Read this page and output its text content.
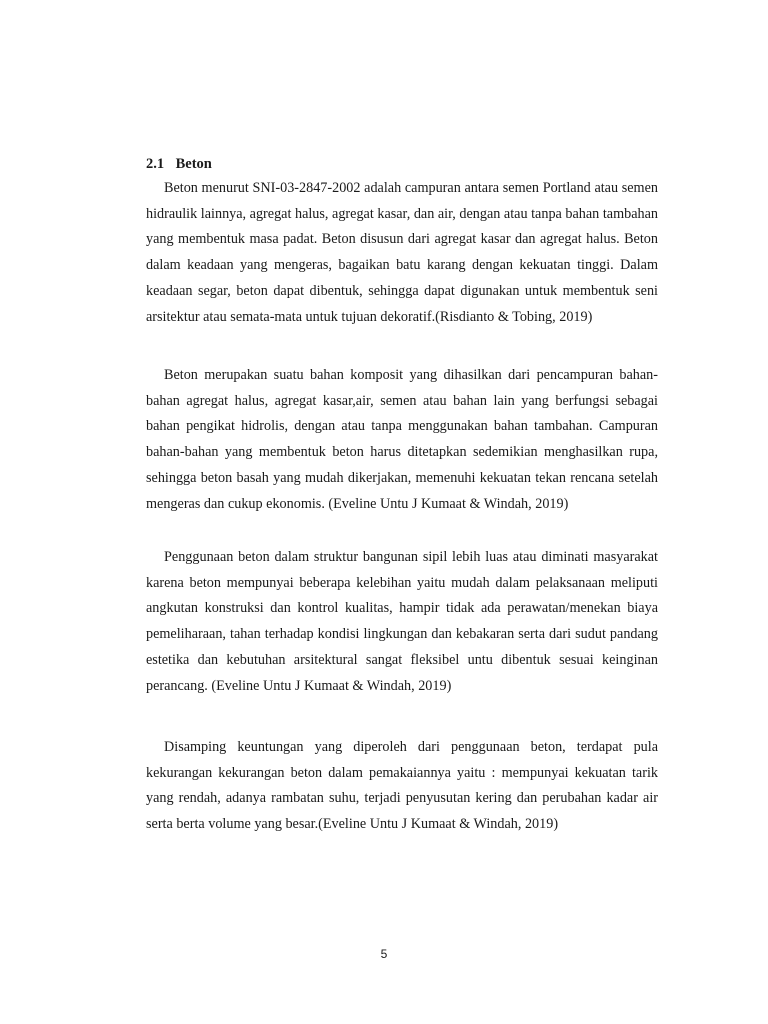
2.1 Beton

Beton menurut SNI-03-2847-2002 adalah campuran antara semen Portland atau semen hidraulik lainnya, agregat halus, agregat kasar, dan air, dengan atau tanpa bahan tambahan yang membentuk masa padat. Beton disusun dari agregat kasar dan agregat halus. Beton dalam keadaan yang mengeras, bagaikan batu karang dengan kekuatan tinggi. Dalam keadaan segar, beton dapat dibentuk, sehingga dapat digunakan untuk membentuk seni arsitektur atau semata-mata untuk tujuan dekoratif.(Risdianto & Tobing, 2019)

Beton merupakan suatu bahan komposit yang dihasilkan dari pencampuran bahan-bahan agregat halus, agregat kasar,air, semen atau bahan lain yang berfungsi sebagai bahan pengikat hidrolis, dengan atau tanpa menggunakan bahan tambahan. Campuran bahan-bahan yang membentuk beton harus ditetapkan sedemikian menghasilkan rupa, sehingga beton basah yang mudah dikerjakan, memenuhi kekuatan tekan rencana setelah mengeras dan cukup ekonomis. (Eveline Untu J Kumaat & Windah, 2019)

Penggunaan beton dalam struktur bangunan sipil lebih luas atau diminati masyarakat karena beton mempunyai beberapa kelebihan yaitu mudah dalam pelaksanaan meliputi angkutan konstruksi dan kontrol kualitas, hampir tidak ada perawatan/menekan biaya pemeliharaan, tahan terhadap kondisi lingkungan dan kebakaran serta dari sudut pandang estetika dan kebutuhan arsitektural sangat fleksibel untu dibentuk sesuai keinginan perancang. (Eveline Untu J Kumaat & Windah, 2019)

Disamping keuntungan yang diperoleh dari penggunaan beton, terdapat pula kekurangan kekurangan beton dalam pemakaiannya yaitu : mempunyai kekuatan tarik yang rendah, adanya rambatan suhu, terjadi penyusutan kering dan perubahan kadar air serta berta volume yang besar.(Eveline Untu J Kumaat & Windah, 2019)

5
